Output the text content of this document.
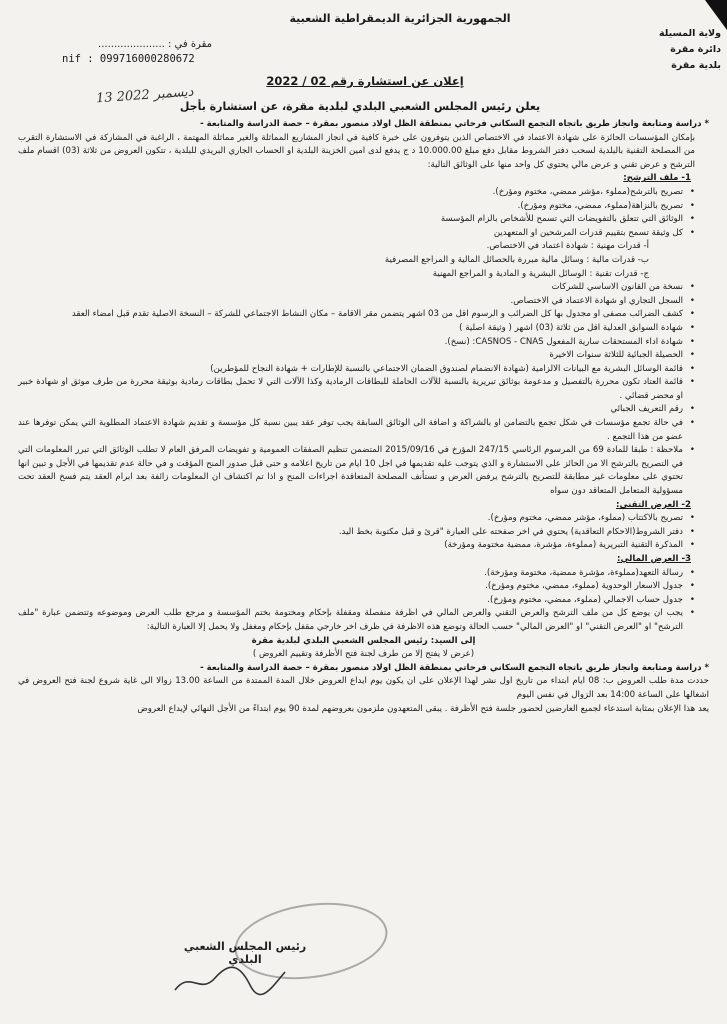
الجمهورية الجزائرية الديمقراطية الشعبية
ولاية المسيلة
دائرة مقرة
بلدية مقرة
مقرة في : .....................
nif : 099716000280672
إعلان عن استشارة رقم 02 / 2022
13 ديسمبر 2022
يعلن رئيس المجلس الشعبي البلدي لبلدية مقرة، عن استشارة بأجل

* دراسة ومتابعة وانجاز طريق باتجاه التجمع السكاني فرحاتي بمنطقة الظل اولاد منصور بمقرة – حصة الدراسة والمتابعة -

بإمكان المؤسسات الحائزة على شهادة الاعتماد في الاختصاص الذين يتوفرون على خبرة كافية في انجاز المشاريع المماثلة والغير مماثلة المهتمة ، الراغبة في المشاركة في الاستشارة التقرب من المصلحة التقنية بالبلدية لسحب دفتر الشروط مقابل دفع مبلغ 10.000.00 د ج يدفع لدى امين الخزينة البلدية او الحساب الجاري البريدي للبلدية ، تتكون العروض من ثلاثة (03) اقسام ملف الترشح و عرض تقني و عرض مالي يحتوي كل واحد منها على الوثائق التالية:

1- ملف الترشح:

• تصريح بالترشح(مملوء ،مؤشر ممضي، مختوم ومؤرخ).

• تصريح بالنزاهة(مملوء، ممضي، مختوم ومؤرخ).

• الوثائق التي تتعلق بالتفويضات التي تسمح للأشخاص بالزام المؤسسة

• كل وثيقة تسمح بتقييم قدرات المرشحين او المتعهدين

أ- قدرات مهنية : شهادة اعتماد في الاختصاص.

ب- قدرات مالية : وسائل مالية مبررة بالحصائل المالية و المراجع المصرفية

ج- قدرات تقنية : الوسائل البشرية و المادية و المراجع المهنية

• نسخة من القانون الاساسي للشركات

• السجل التجاري او شهادة الاعتماد في الاختصاص.

• كشف الضرائب مصفى او مجدول بها كل الضرائب و الرسوم اقل من 03 اشهر يتضمن مقر الاقامة – مكان النشاط الاجتماعي للشركة – النسخة الاصلية تقدم قبل امضاء العقد

• شهادة السوابق العدلية اقل من ثلاثة (03) اشهر ( وثيقة اصلية )

• شهادة اداء المستحقات سارية المفعول CASNOS - CNAS: (نسخ).

• الحصيلة الجبائية للثلاثة سنوات الاخيرة

• قائمة الوسائل البشرية مع البيانات الالزامية (شهادة الانضمام لصندوق الضمان الاجتماعي بالنسبة للإطارات + شهادة النجاح للمؤطرين)

• قائمة العتاد تكون محررة بالتفصيل و مدعومة بوثائق تبريرية بالنسبة للآلات الحاملة للبطاقات الرمادية وكذا الآلات التي لا تحمل بطاقات رمادية بوثيقة محررة من طرف موثق او شهادة خبير او محضر قضائي .

• رقم التعريف الجبائي

• في حالة تجمع مؤسسات في شكل تجمع بالتضامن او بالشراكة و اضافة الى الوثائق السابقة يجب توفر عقد يبين نسبة كل مؤسسة و تقديم شهادة الاعتماد المطلوبة التي يمكن توفرها عند عضو من هذا التجمع .

• ملاحظة : طبقا للمادة 69 من المرسوم الرئاسي 247/15 المؤرخ في 2015/09/16 المتضمن تنظيم الصفقات العمومية و تفويضات المرفق العام لا تطلب الوثائق التي تبرر المعلومات التي في التصريح بالترشح الا من الحائز على الاستشارة و الذي يتوجب عليه تقديمها في اجل 10 ايام من تاريخ اعلامه و حتى قبل صدور المنح المؤقت و في حالة عدم تقديمها في الأجل و تبين انها تحتوي على معلومات غير مطابقة للتصريح بالترشح يرفض العرض و تستأنف المصلحة المتعاقدة اجراءات المنح و اذا تم اكتشاف ان المعلومات زائفة بعد ابرام العقد يتم فسخ العقد تحت مسؤولية المتعامل المتعاقد دون سواه

2- العرض التقني:

• تصريح بالاكتتاب (مملوء، مؤشر ممضي، مختوم ومؤرخ).

• دفتر الشروط(الاحكام التعاقدية) يحتوي في اخر صفحته على العبارة "قرئ و قبل مكتوبة بخط اليد.

• المذكرة التقنية التبريرية (مملوءة، مؤشرة، ممضية مختومة ومؤرخة)

3- العرض المالي:

• رسالة التعهد(مملوءة، مؤشرة ممضية، مختومة ومؤرخة).

• جدول الاسعار الوحدوية (مملوء، ممضي، مختوم ومؤرخ).

• جدول حساب الاجمالي (مملوء، ممضي، مختوم ومؤرخ).

• يجب ان يوضع كل من ملف الترشح والعرض التقني والعرض المالي في اظرفة منفصلة ومقفلة بإحكام ومختومة بختم المؤسسة و مرجع طلب العرض وموضوعه وتتضمن عبارة "ملف الترشح" او "العرض التقني" او "العرض المالي" حسب الحالة وتوضع هذه الاظرفة في ظرف اخر خارجي مقفل بإحكام ومغفل ولا يحمل إلا العبارة التالية:

إلى السيد: رئيس المجلس الشعبي البلدي لبلدية مقرة

(عرض لا يفتح إلا من طرف لجنة فتح الأظرفة وتقييم العروض )

* دراسة ومتابعة وانجاز طريق باتجاه التجمع السكاني فرحاتي بمنطقة الظل اولاد منصور بمقرة – حصة الدراسة والمتابعة -

حددت مدة طلب العروض ب: 08 ايام ابتداء من تاريخ اول نشر لهذا الإعلان على ان يكون يوم ايداع العروض خلال المدة الممتدة من الساعة 13.00 زوالا الى غاية شروع لجنة فتح العروض في اشغالها على الساعة 14:00 بعد الزوال في نفس اليوم

يعد هذا الإعلان بمثابة استدعاء لجميع العارضين لحضور جلسة فتح الأظرفة . يبقى المتعهدون ملزمون بعروضهم لمدة 90 يوم ابتداءً من الأجل النهائي لإيداع العروض

رئيس المجلس الشعبي البلدي
